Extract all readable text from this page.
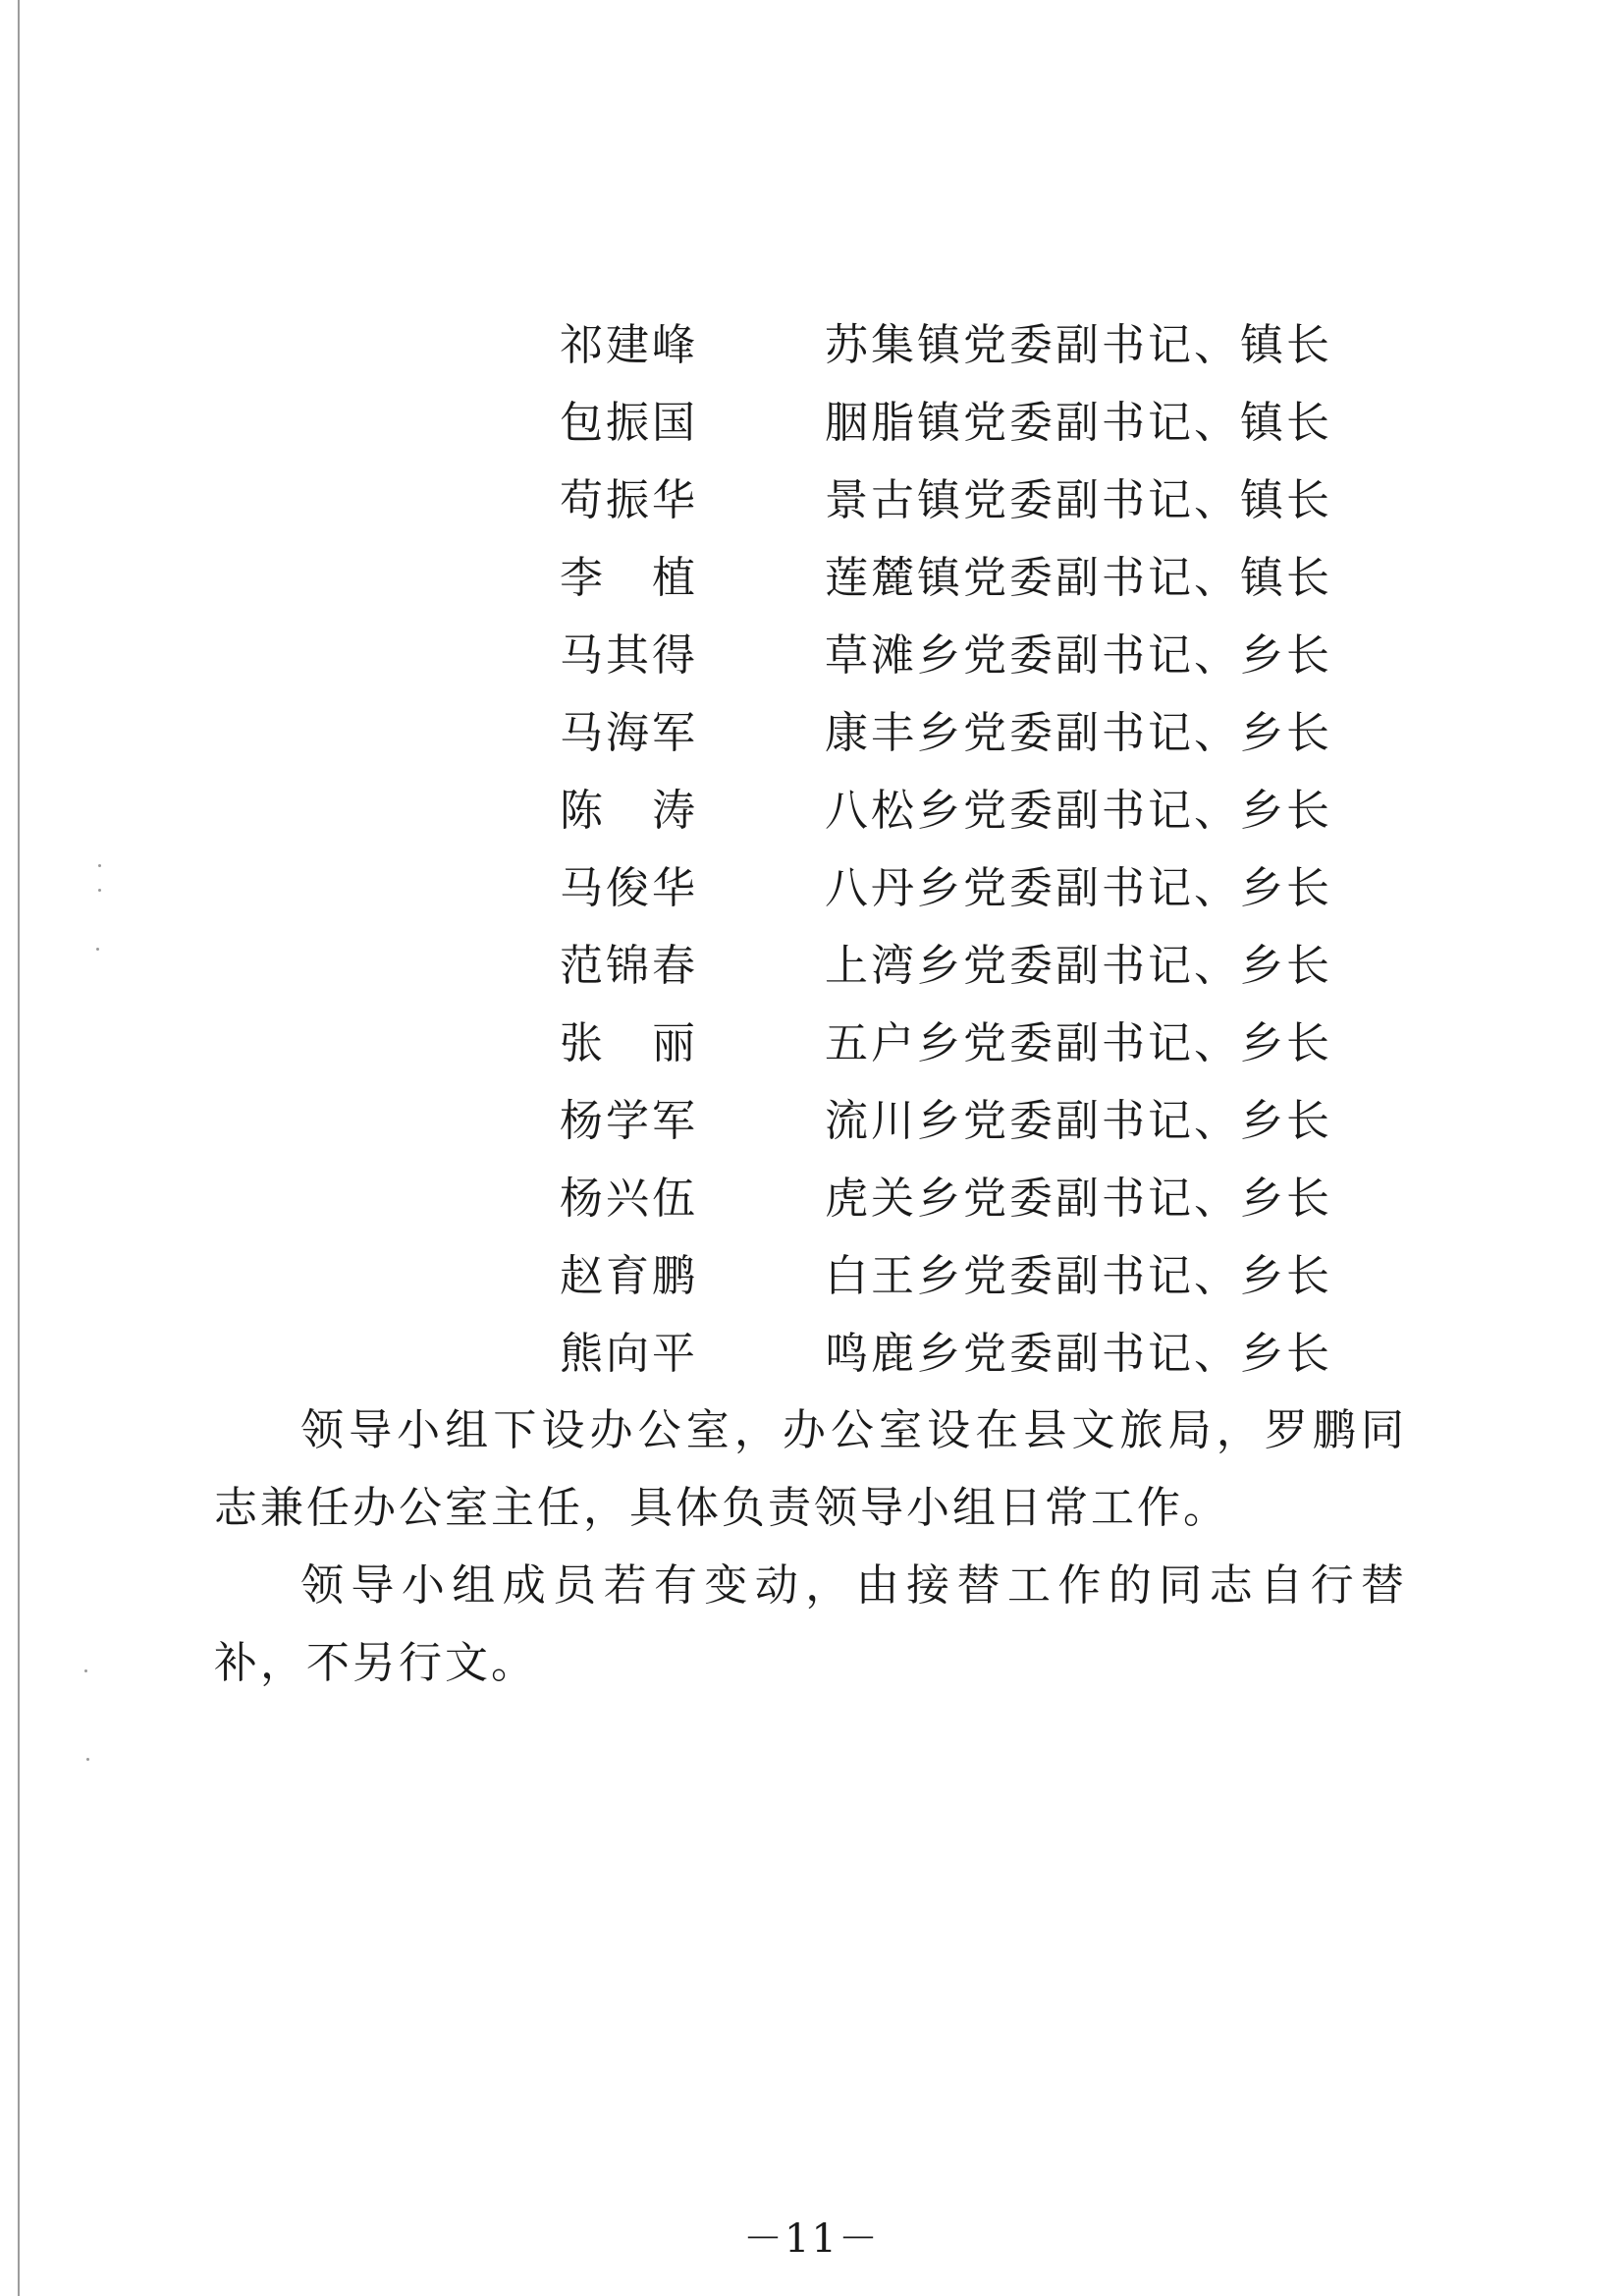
祁建峰	苏集镇党委副书记、镇长
包振国	胭脂镇党委副书记、镇长
苟振华	景古镇党委副书记、镇长
李　植	莲麓镇党委副书记、镇长
马其得	草滩乡党委副书记、乡长
马海军	康丰乡党委副书记、乡长
陈　涛	八松乡党委副书记、乡长
马俊华	八丹乡党委副书记、乡长
范锦春	上湾乡党委副书记、乡长
张　丽	五户乡党委副书记、乡长
杨学军	流川乡党委副书记、乡长
杨兴伍	虎关乡党委副书记、乡长
赵育鹏	白王乡党委副书记、乡长
熊向平	鸣鹿乡党委副书记、乡长

领导小组下设办公室，办公室设在县文旅局，罗鹏同志兼任办公室主任，具体负责领导小组日常工作。

领导小组成员若有变动，由接替工作的同志自行替补，不另行文。

－11－
